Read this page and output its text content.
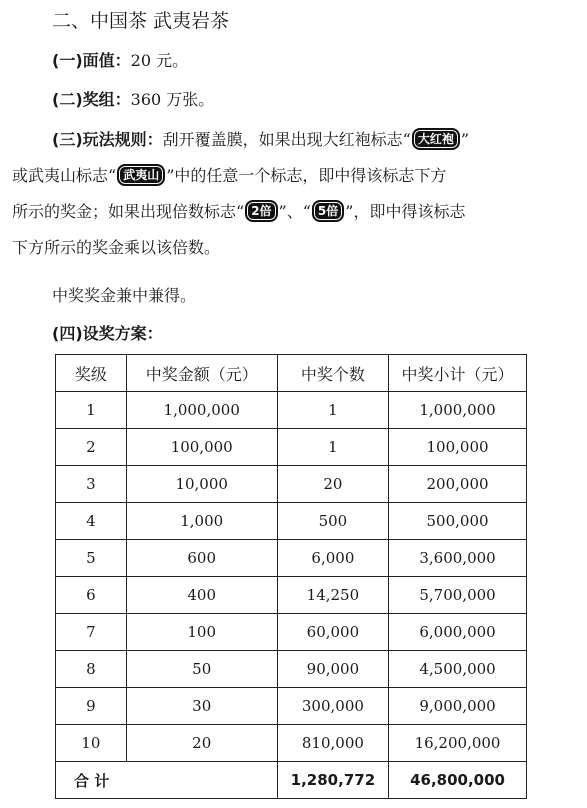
二、中国茶 武夷岩茶
(一)面值：20 元。
(二)奖组：360 万张。
(三)玩法规则：刮开覆盖膜，如果出现大红袍标志“ 大红袍 ”
或武夷山标志“ 武夷山 ”中的任意一个标志，即中得该标志下方
所示的奖金；如果出现倍数标志“ 2倍 ”、“ 5倍 ”，即中得该标志
下方所示的奖金乘以该倍数。
中奖奖金兼中兼得。
(四)设奖方案：
奖级	中奖金额（元）	中奖个数	中奖小计（元）
1	1,000,000	1	1,000,000
2	100,000	1	100,000
3	10,000	20	200,000
4	1,000	500	500,000
5	600	6,000	3,600,000
6	400	14,250	5,700,000
7	100	60,000	6,000,000
8	50	90,000	4,500,000
9	30	300,000	9,000,000
10	20	810,000	16,200,000
合 计		1,280,772	46,800,000
